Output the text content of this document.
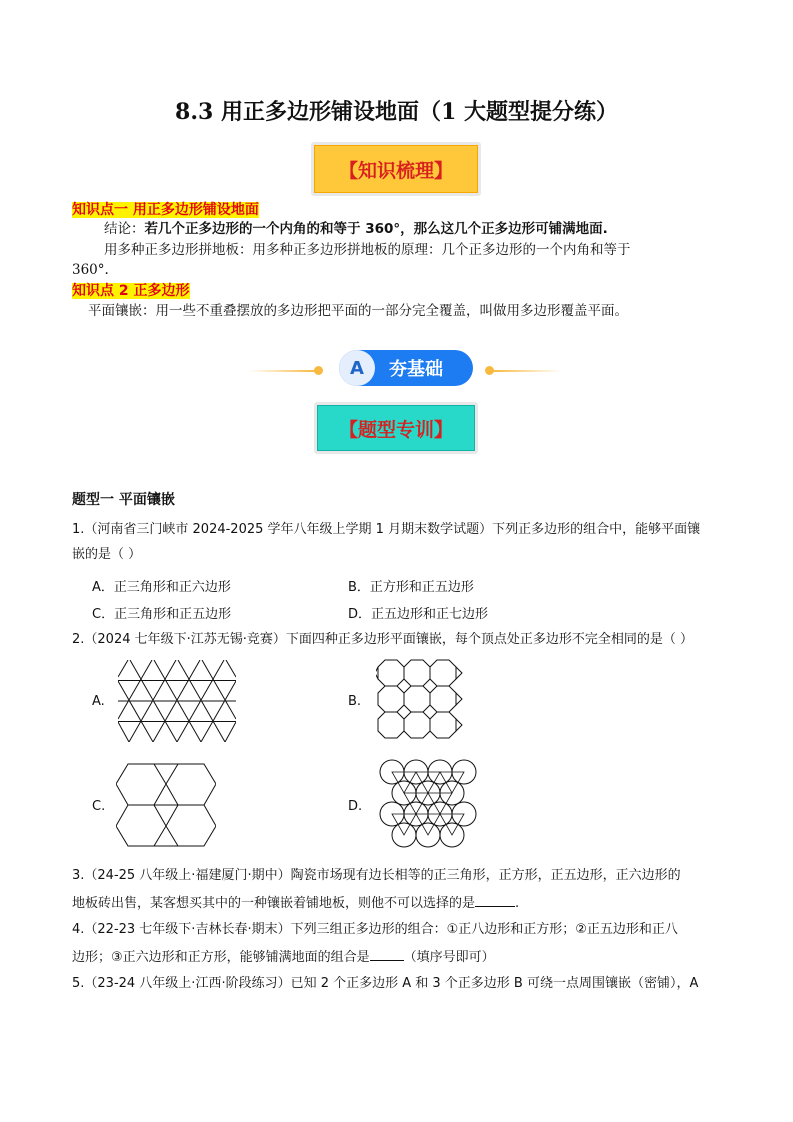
8.3 用正多边形铺设地面（1 大题型提分练）
【知识梳理】
知识点一 用正多边形铺设地面
结论：若几个正多边形的一个内角的和等于 360°，那么这几个正多边形可铺满地面.
用多种正多边形拼地板：用多种正多边形拼地板的原理：几个正多边形的一个内角和等于
360°.
知识点 2 正多边形
平面镶嵌：用一些不重叠摆放的多边形把平面的一部分完全覆盖，叫做用多边形覆盖平面。
A	夯基础
【题型专训】
题型一 平面镶嵌
1.（河南省三门峡市 2024-2025 学年八年级上学期 1 月期末数学试题）下列正多边形的组合中，能够平面镶
嵌的是（ ）
A．正三角形和正六边形	B．正方形和正五边形
C．正三角形和正五边形	D．正五边形和正七边形
2.（2024 七年级下·江苏无锡·竞赛）下面四种正多边形平面镶嵌，每个顶点处正多边形不完全相同的是（ ）
A.	B.
C.	D.
3.（24-25 八年级上·福建厦门·期中）陶瓷市场现有边长相等的正三角形，正方形，正五边形，正六边形的
地板砖出售，某客想买其中的一种镶嵌着铺地板，则他不可以选择的是	.
4.（22-23 七年级下·吉林长春·期末）下列三组正多边形的组合：①正八边形和正方形；②正五边形和正八
边形；③正六边形和正方形，能够铺满地面的组合是	（填序号即可）
5.（23-24 八年级上·江西·阶段练习）已知 2 个正多边形 A 和 3 个正多边形 B 可绕一点周围镶嵌（密铺），A
